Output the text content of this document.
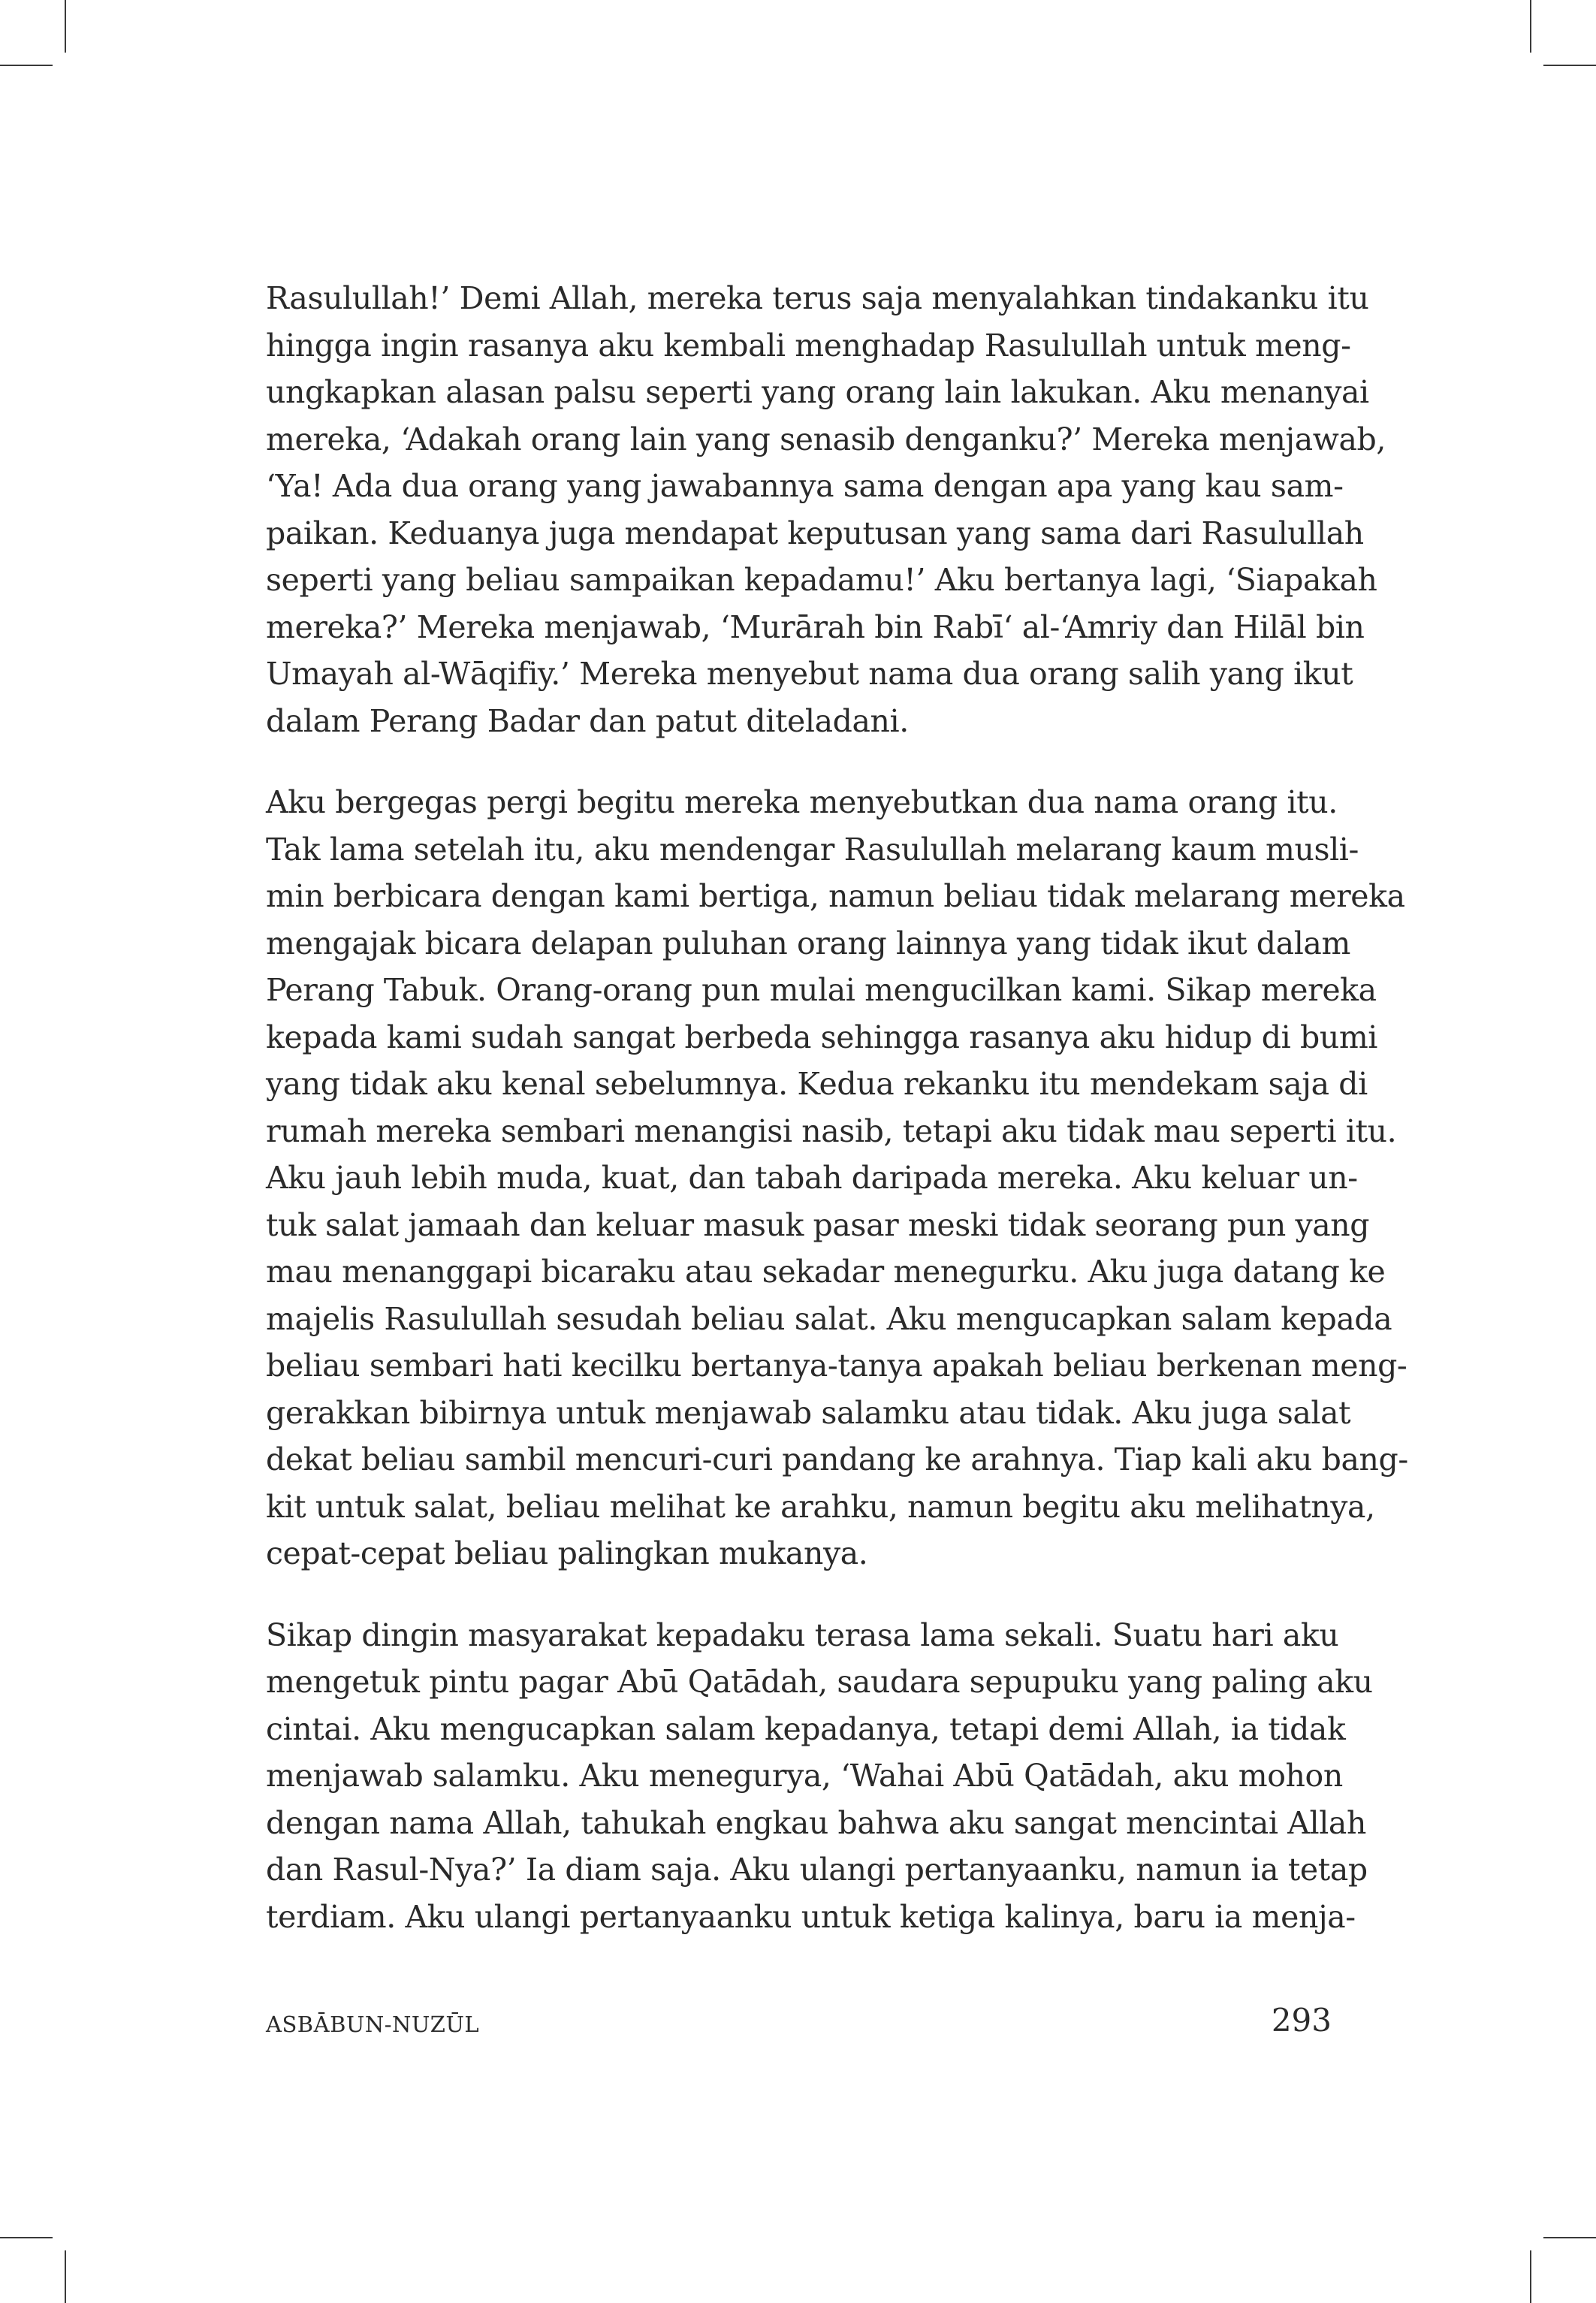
Rasulullah!’ Demi Allah, mereka terus saja menyalahkan tindakanku itu
hingga ingin rasanya aku kembali menghadap Rasulullah untuk meng-
ungkapkan alasan palsu seperti yang orang lain lakukan. Aku menanyai
mereka, ‘Adakah orang lain yang senasib denganku?’ Mereka menjawab,
‘Ya! Ada dua orang yang jawabannya sama dengan apa yang kau sam-
paikan. Keduanya juga mendapat keputusan yang sama dari Rasulullah
seperti yang beliau sampaikan kepadamu!’ Aku bertanya lagi, ‘Siapakah
mereka?’ Mereka menjawab, ‘Murārah bin Rabī‘ al-‘Amriy dan Hilāl bin
Umayah al-Wāqifiy.’ Mereka menyebut nama dua orang salih yang ikut
dalam Perang Badar dan patut diteladani.
Aku bergegas pergi begitu mereka menyebutkan dua nama orang itu.
Tak lama setelah itu, aku mendengar Rasulullah melarang kaum musli-
min berbicara dengan kami bertiga, namun beliau tidak melarang mereka
mengajak bicara delapan puluhan orang lainnya yang tidak ikut dalam
Perang Tabuk. Orang-orang pun mulai mengucilkan kami. Sikap mereka
kepada kami sudah sangat berbeda sehingga rasanya aku hidup di bumi
yang tidak aku kenal sebelumnya. Kedua rekanku itu mendekam saja di
rumah mereka sembari menangisi nasib, tetapi aku tidak mau seperti itu.
Aku jauh lebih muda, kuat, dan tabah daripada mereka. Aku keluar un-
tuk salat jamaah dan keluar masuk pasar meski tidak seorang pun yang
mau menanggapi bicaraku atau sekadar menegurku. Aku juga datang ke
majelis Rasulullah sesudah beliau salat. Aku mengucapkan salam kepada
beliau sembari hati kecilku bertanya-tanya apakah beliau berkenan meng-
gerakkan bibirnya untuk menjawab salamku atau tidak. Aku juga salat
dekat beliau sambil mencuri-curi pandang ke arahnya. Tiap kali aku bang-
kit untuk salat, beliau melihat ke arahku, namun begitu aku melihatnya,
cepat-cepat beliau palingkan mukanya.
Sikap dingin masyarakat kepadaku terasa lama sekali. Suatu hari aku
mengetuk pintu pagar Abū Qatādah, saudara sepupuku yang paling aku
cintai. Aku mengucapkan salam kepadanya, tetapi demi Allah, ia tidak
menjawab salamku. Aku menegurya, ‘Wahai Abū Qatādah, aku mohon
dengan nama Allah, tahukah engkau bahwa aku sangat mencintai Allah
dan Rasul-Nya?’ Ia diam saja. Aku ulangi pertanyaanku, namun ia tetap
terdiam. Aku ulangi pertanyaanku untuk ketiga kalinya, baru ia menja-
ASBĀBUN-NUZŪL	293
